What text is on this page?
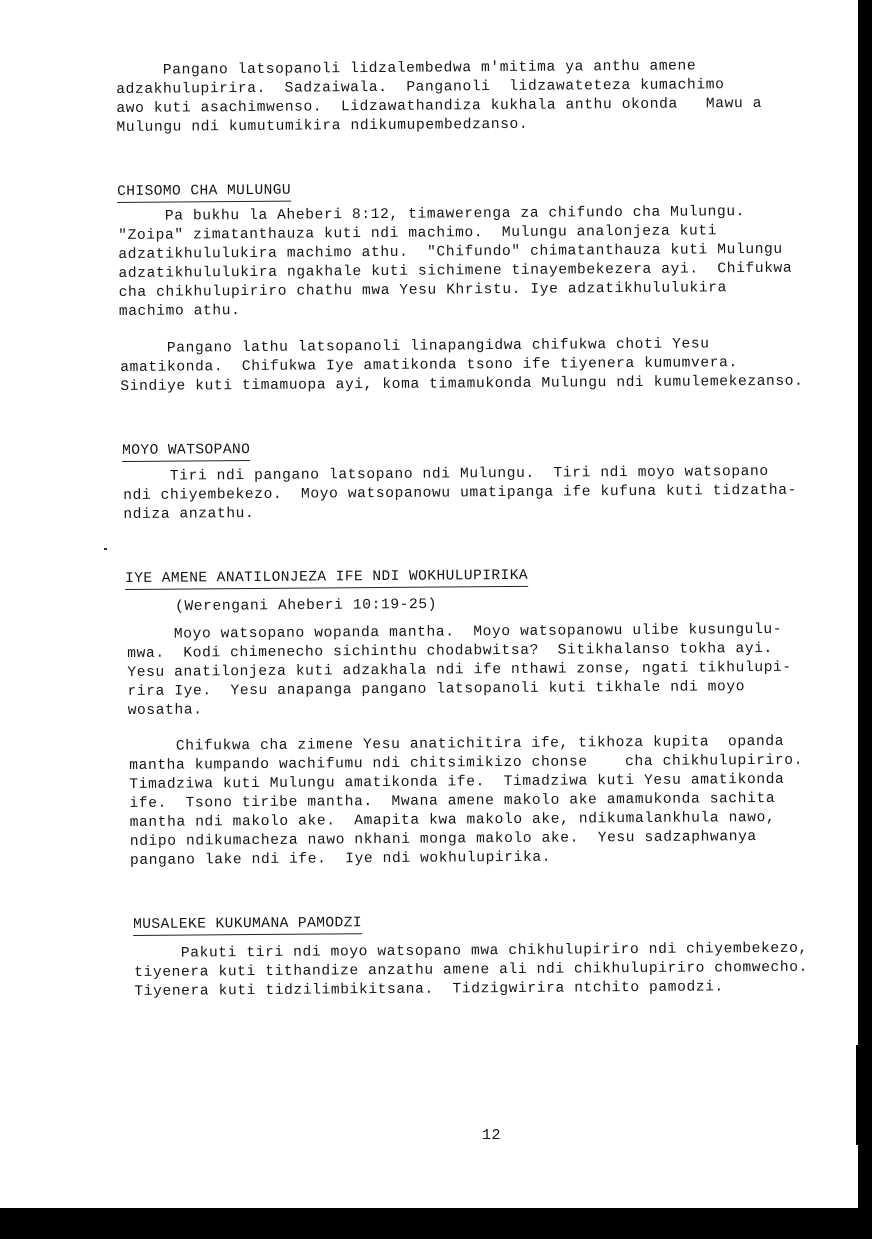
Pangano latsopanoli lidzalembedwa m'mitima ya anthu amene
adzakhulupirira.  Sadzaiwala.  Panganoli  lidzawateteza kumachimo
awo kuti asachimwenso.  Lidzawathandiza kukhala anthu okonda   Mawu a
Mulungu ndi kumutumikira ndikumupembedzanso.
CHISOMO CHA MULUNGU
Pa bukhu la Aheberi 8:12, timawerenga za chifundo cha Mulungu.
"Zoipa" zimatanthauza kuti ndi machimo.  Mulungu analonjeza kuti
adzatikhululukira machimo athu.  "Chifundo" chimatanthauza kuti Mulungu
adzatikhululukira ngakhale kuti sichimene tinayembekezera ayi.  Chifukwa
cha chikhulupiriro chathu mwa Yesu Khristu. Iye adzatikhululukira
machimo athu.
Pangano lathu latsopanoli linapangidwa chifukwa choti Yesu
amatikonda.  Chifukwa Iye amatikonda tsono ife tiyenera kumumvera.
Sindiye kuti timamuopa ayi, koma timamukonda Mulungu ndi kumulemekezanso.
MOYO WATSOPANO
Tiri ndi pangano latsopano ndi Mulungu.  Tiri ndi moyo watsopano
ndi chiyembekezo.  Moyo watsopanowu umatipanga ife kufuna kuti tidzatha-
ndiza anzathu.
IYE AMENE ANATILONJEZA IFE NDI WOKHULUPIRIKA
(Werengani Aheberi 10:19-25)
Moyo watsopano wopanda mantha.  Moyo watsopanowu ulibe kusungulu-
mwa.  Kodi chimenecho sichinthu chodabwitsa?  Sitikhalanso tokha ayi.
Yesu anatilonjeza kuti adzakhala ndi ife nthawi zonse, ngati tikhulupi-
rira Iye.  Yesu anapanga pangano latsopanoli kuti tikhale ndi moyo
wosatha.
Chifukwa cha zimene Yesu anatichitira ife, tikhoza kupita  opanda
mantha kumpando wachifumu ndi chitsimikizo chonse    cha chikhulupiriro.
Timadziwa kuti Mulungu amatikonda ife.  Timadziwa kuti Yesu amatikonda
ife.  Tsono tiribe mantha.  Mwana amene makolo ake amamukonda sachita
mantha ndi makolo ake.  Amapita kwa makolo ake, ndikumalankhula nawo,
ndipo ndikumacheza nawo nkhani monga makolo ake.  Yesu sadzaphwanya
pangano lake ndi ife.  Iye ndi wokhulupirika.
MUSALEKE KUKUMANA PAMODZI
Pakuti tiri ndi moyo watsopano mwa chikhulupiriro ndi chiyembekezo,
tiyenera kuti tithandize anzathu amene ali ndi chikhulupiriro chomwecho.
Tiyenera kuti tidzilimbikitsana.  Tidzigwirira ntchito pamodzi.
12
